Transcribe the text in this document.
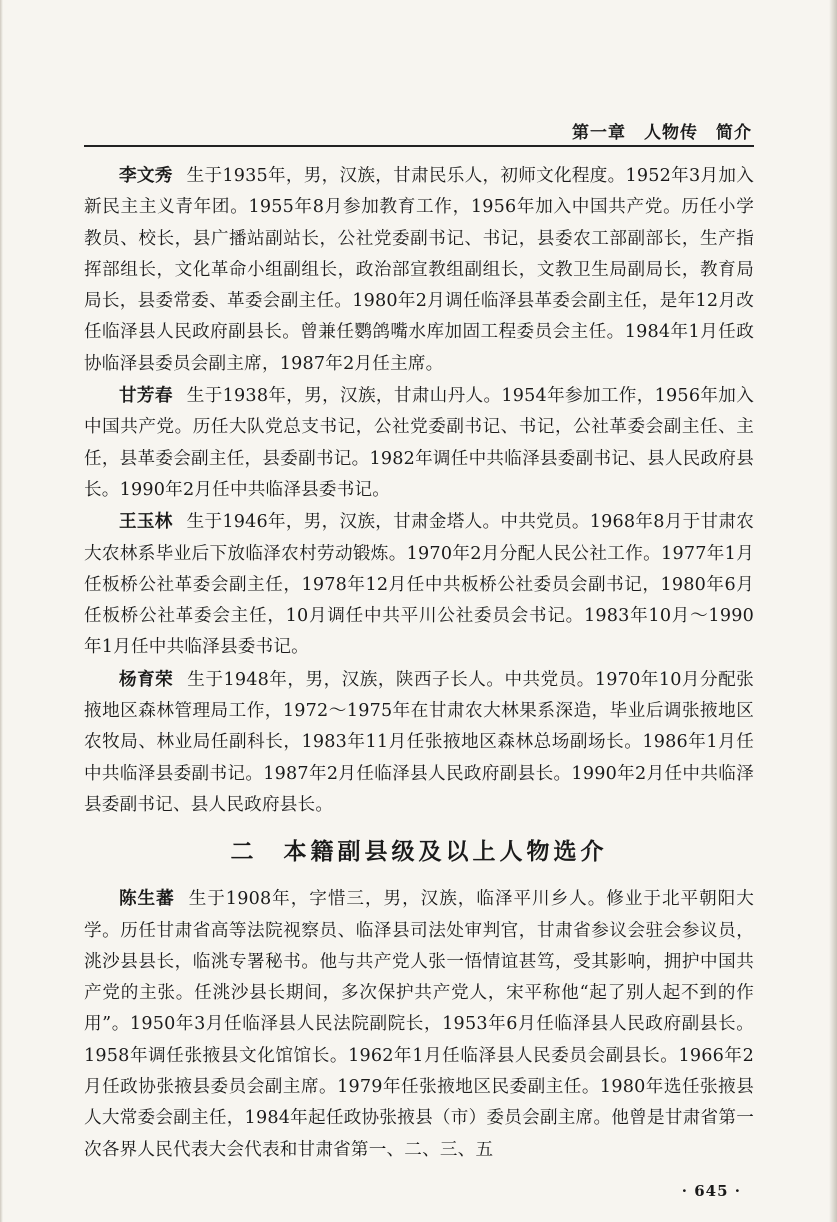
第一章　人物传　简介

李文秀 生于1935年，男，汉族，甘肃民乐人，初师文化程度。1952年3月加入新民主主义青年团。1955年8月参加教育工作，1956年加入中国共产党。历任小学教员、校长，县广播站副站长，公社党委副书记、书记，县委农工部副部长，生产指挥部组长，文化革命小组副组长，政治部宣教组副组长，文教卫生局副局长，教育局局长，县委常委、革委会副主任。1980年2月调任临泽县革委会副主任，是年12月改任临泽县人民政府副县长。曾兼任鹦鸽嘴水库加固工程委员会主任。1984年1月任政协临泽县委员会副主席，1987年2月任主席。

甘芳春 生于1938年，男，汉族，甘肃山丹人。1954年参加工作，1956年加入中国共产党。历任大队党总支书记，公社党委副书记、书记，公社革委会副主任、主任，县革委会副主任，县委副书记。1982年调任中共临泽县委副书记、县人民政府县长。1990年2月任中共临泽县委书记。

王玉林 生于1946年，男，汉族，甘肃金塔人。中共党员。1968年8月于甘肃农大农林系毕业后下放临泽农村劳动锻炼。1970年2月分配人民公社工作。1977年1月任板桥公社革委会副主任，1978年12月任中共板桥公社委员会副书记，1980年6月任板桥公社革委会主任，10月调任中共平川公社委员会书记。1983年10月～1990年1月任中共临泽县委书记。

杨育荣 生于1948年，男，汉族，陕西子长人。中共党员。1970年10月分配张掖地区森林管理局工作，1972～1975年在甘肃农大林果系深造，毕业后调张掖地区农牧局、林业局任副科长，1983年11月任张掖地区森林总场副场长。1986年1月任中共临泽县委副书记。1987年2月任临泽县人民政府副县长。1990年2月任中共临泽县委副书记、县人民政府县长。

二 本籍副县级及以上人物选介

陈生蕃 生于1908年，字惜三，男，汉族，临泽平川乡人。修业于北平朝阳大学。历任甘肃省高等法院视察员、临泽县司法处审判官，甘肃省参议会驻会参议员，洮沙县县长，临洮专署秘书。他与共产党人张一悟情谊甚笃，受其影响，拥护中国共产党的主张。任洮沙县长期间，多次保护共产党人，宋平称他“起了别人起不到的作用”。1950年3月任临泽县人民法院副院长，1953年6月任临泽县人民政府副县长。1958年调任张掖县文化馆馆长。1962年1月任临泽县人民委员会副县长。1966年2月任政协张掖县委员会副主席。1979年任张掖地区民委副主任。1980年选任张掖县人大常委会副主任，1984年起任政协张掖县（市）委员会副主席。他曾是甘肃省第一次各界人民代表大会代表和甘肃省第一、二、三、五

· 645 ·
